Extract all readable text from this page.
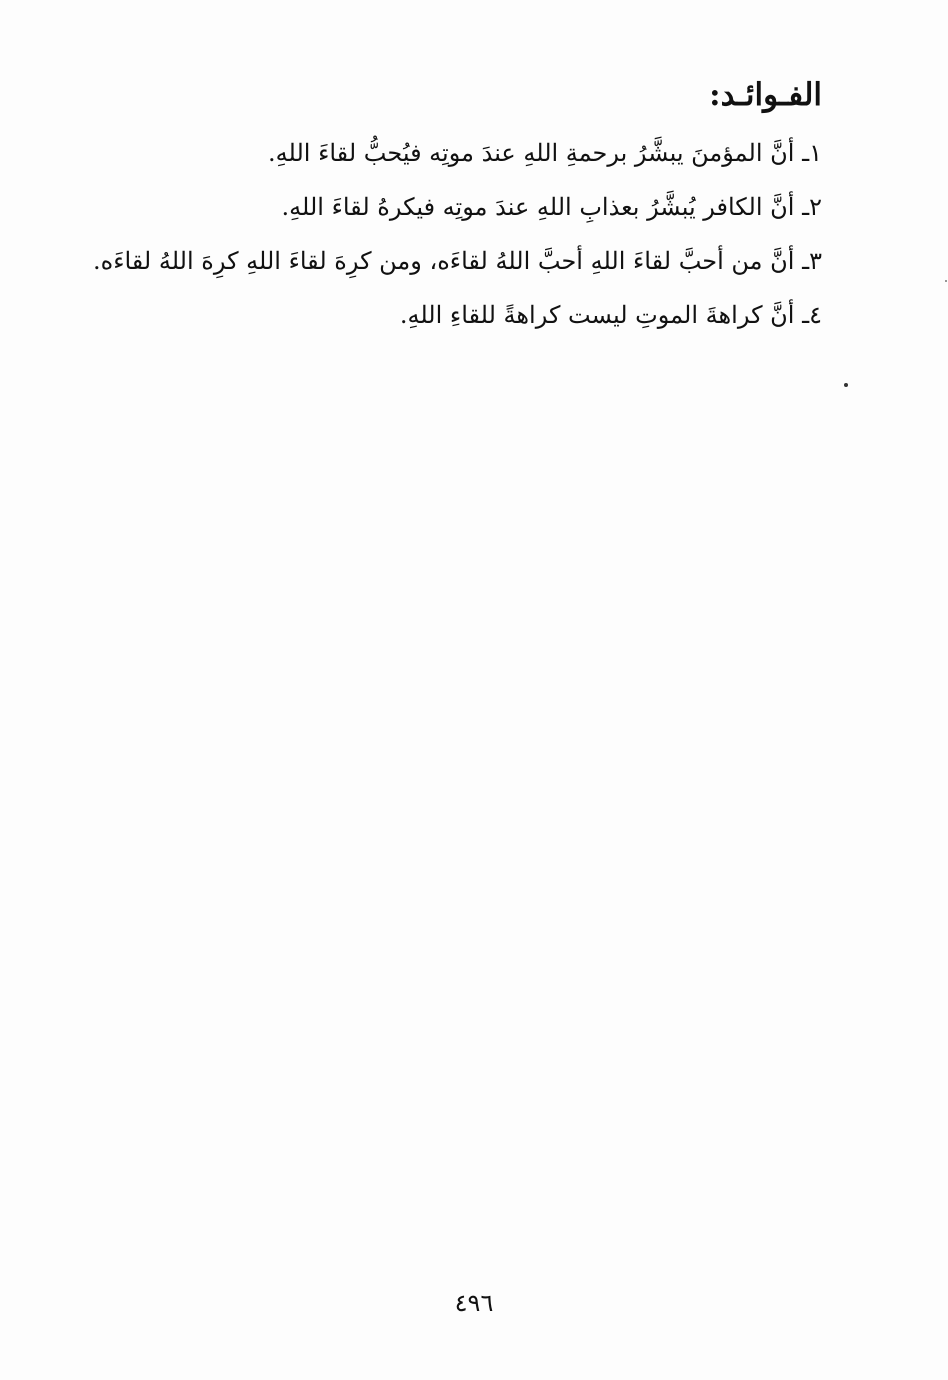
الفـوائـد:

١ـ أنَّ المؤمنَ يبشَّرُ برحمةِ اللهِ عندَ موتِه فيُحبُّ لقاءَ اللهِ.

٢ـ أنَّ الكافر يُبشَّرُ بعذابِ اللهِ عندَ موتِه فيكرهُ لقاءَ اللهِ.

٣ـ أنَّ من أحبَّ لقاءَ اللهِ أحبَّ اللهُ لقاءَه، ومن كرِهَ لقاءَ اللهِ كرِهَ اللهُ لقاءَه.

٤ـ أنَّ كراهةَ الموتِ ليست كراهةً للقاءِ اللهِ.

٤٩٦
